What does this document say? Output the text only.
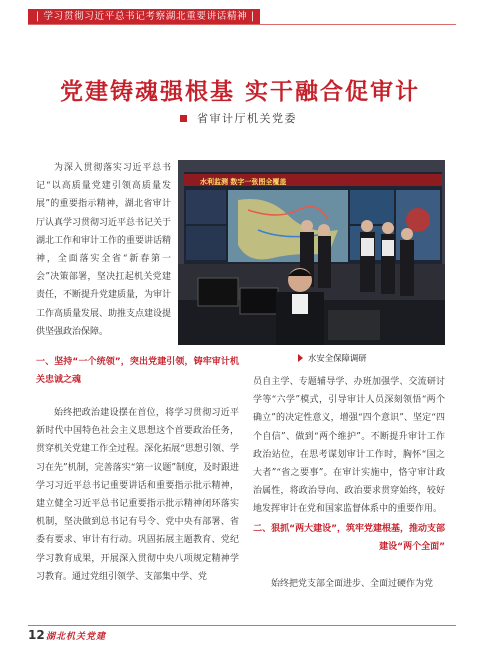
| 学习贯彻习近平总书记考察湖北重要讲话精神 |
党建铸魂强根基 实干融合促审计
省审计厅机关党委

为深入贯彻落实习近平总书记“以高质量党建引领高质量发展”的重要指示精神，湖北省审计厅认真学习贯彻习近平总书记关于湖北工作和审计工作的重要讲话精神，全面落实全省“新春第一会”决策部署，坚决扛起机关党建责任，不断提升党建质量，为审计工作高质量发展、助推支点建设提供坚强政治保障。

水利监测 数字一张图全覆盖
水安全保障调研

一、坚持“一个统领”，突出党建引领，铸牢审计机关忠诚之魂

始终把政治建设摆在首位，将学习贯彻习近平新时代中国特色社会主义思想这个首要政治任务，贯穿机关党建工作全过程。深化拓展“思想引领、学习在先”机制，完善落实“第一议题”制度，及时跟进学习习近平总书记重要讲话和重要指示批示精神，建立健全习近平总书记重要指示批示精神闭环落实机制，坚决做到总书记有号令、党中央有部署、省委有要求、审计有行动。巩固拓展主题教育、党纪学习教育成果，开展深入贯彻中央八项规定精神学习教育。通过党组引领学、支部集中学、党

员自主学、专题辅导学、办班加强学、交流研讨学等“六学”模式，引导审计人员深刻领悟“两个确立”的决定性意义，增强“四个意识”、坚定“四个自信”、做到“两个维护”。不断提升审计工作政治站位，在思考谋划审计工作时，胸怀“国之大者”“省之要事”。在审计实施中，恪守审计政治属性，将政治导向、政治要求贯穿始终，较好地发挥审计在党和国家监督体系中的重要作用。

二、狠抓“两大建设”，筑牢党建根基，推动支部建设“两个全面”

始终把党支部全面进步、全面过硬作为党

12 湖北机关党建
